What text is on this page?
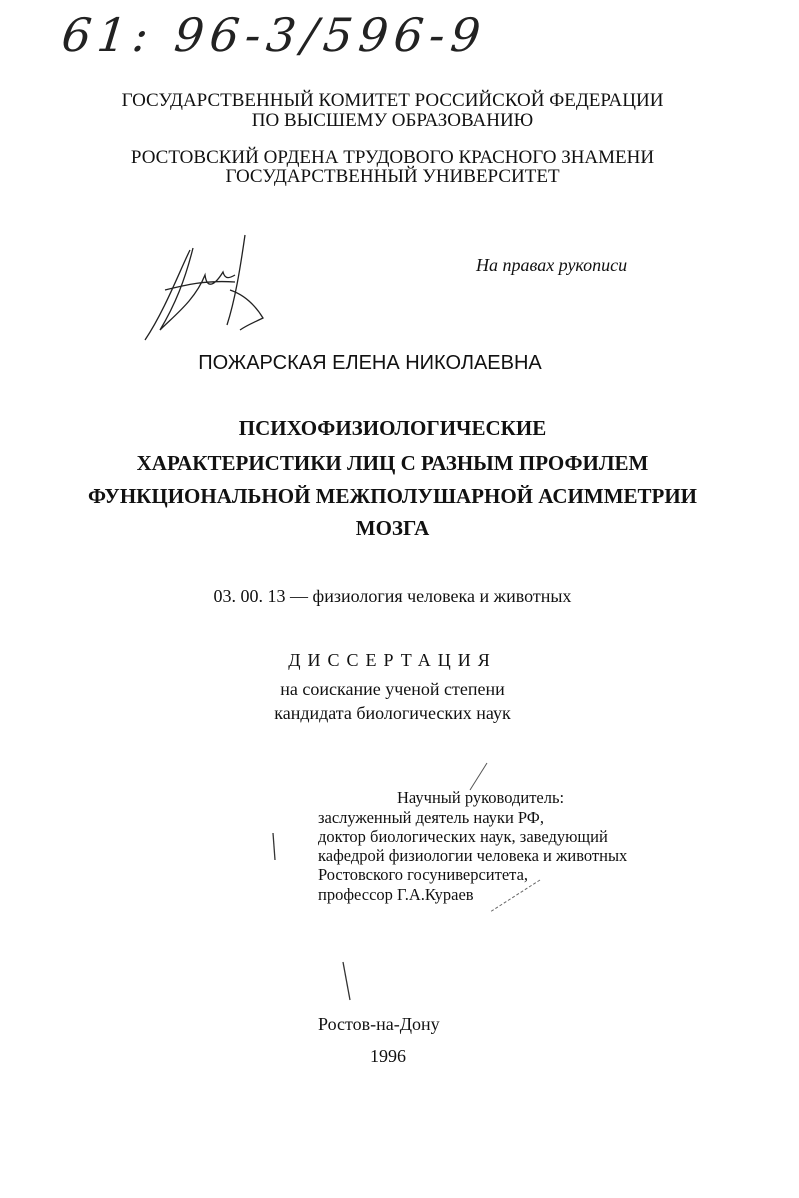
61: 96-3/596-9
ГОСУДАРСТВЕННЫЙ КОМИТЕТ РОССИЙСКОЙ ФЕДЕРАЦИИ
ПО ВЫСШЕМУ ОБРАЗОВАНИЮ
РОСТОВСКИЙ ОРДЕНА ТРУДОВОГО КРАСНОГО ЗНАМЕНИ
ГОСУДАРСТВЕННЫЙ УНИВЕРСИТЕТ
На правах рукописи
ПОЖАРСКАЯ ЕЛЕНА НИКОЛАЕВНА
ПСИХОФИЗИОЛОГИЧЕСКИЕ
ХАРАКТЕРИСТИКИ ЛИЦ С РАЗНЫМ ПРОФИЛЕМ
ФУНКЦИОНАЛЬНОЙ МЕЖПОЛУШАРНОЙ АСИММЕТРИИ
МОЗГА
03. 00. 13 — физиология человека и животных
ДИССЕРТАЦИЯ
на соискание ученой степени
кандидата биологических наук
Научный руководитель:
заслуженный деятель науки РФ,
доктор биологических наук, заведующий
кафедрой физиологии человека и животных
Ростовского госуниверситета,
профессор Г.А.Кураев
Ростов-на-Дону
1996
